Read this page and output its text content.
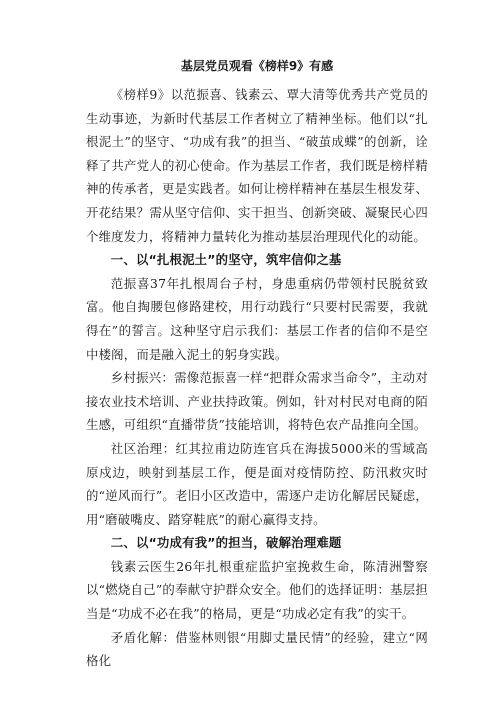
基层党员观看《榜样9》有感

《榜样9》以范振喜、钱素云、覃大清等优秀共产党员的生动事迹，为新时代基层工作者树立了精神坐标。他们以“扎根泥土”的坚守、“功成有我”的担当、“破茧成蝶”的创新，诠释了共产党人的初心使命。作为基层工作者，我们既是榜样精神的传承者，更是实践者。如何让榜样精神在基层生根发芽、开花结果？需从坚守信仰、实干担当、创新突破、凝聚民心四个维度发力，将精神力量转化为推动基层治理现代化的动能。

一、以“扎根泥土”的坚守，筑牢信仰之基

范振喜37年扎根周台子村，身患重病仍带领村民脱贫致富。他自掏腰包修路建校，用行动践行“只要村民需要，我就得在”的誓言。这种坚守启示我们：基层工作者的信仰不是空中楼阁，而是融入泥土的躬身实践。

乡村振兴：需像范振喜一样“把群众需求当命令”，主动对接农业技术培训、产业扶持政策。例如，针对村民对电商的陌生感，可组织“直播带货”技能培训，将特色农产品推向全国。

社区治理：红其拉甫边防连官兵在海拔5000米的雪域高原戍边，映射到基层工作，便是面对疫情防控、防汛救灾时的“逆风而行”。老旧小区改造中，需逐户走访化解居民疑虑，用“磨破嘴皮、踏穿鞋底”的耐心赢得支持。

二、以“功成有我”的担当，破解治理难题

钱素云医生26年扎根重症监护室挽救生命，陈清洲警察以“燃烧自己”的奉献守护群众安全。他们的选择证明：基层担当是“功成不必在我”的格局，更是“功成必定有我”的实干。

矛盾化解：借鉴林则银“用脚丈量民情”的经验，建立“网格化
